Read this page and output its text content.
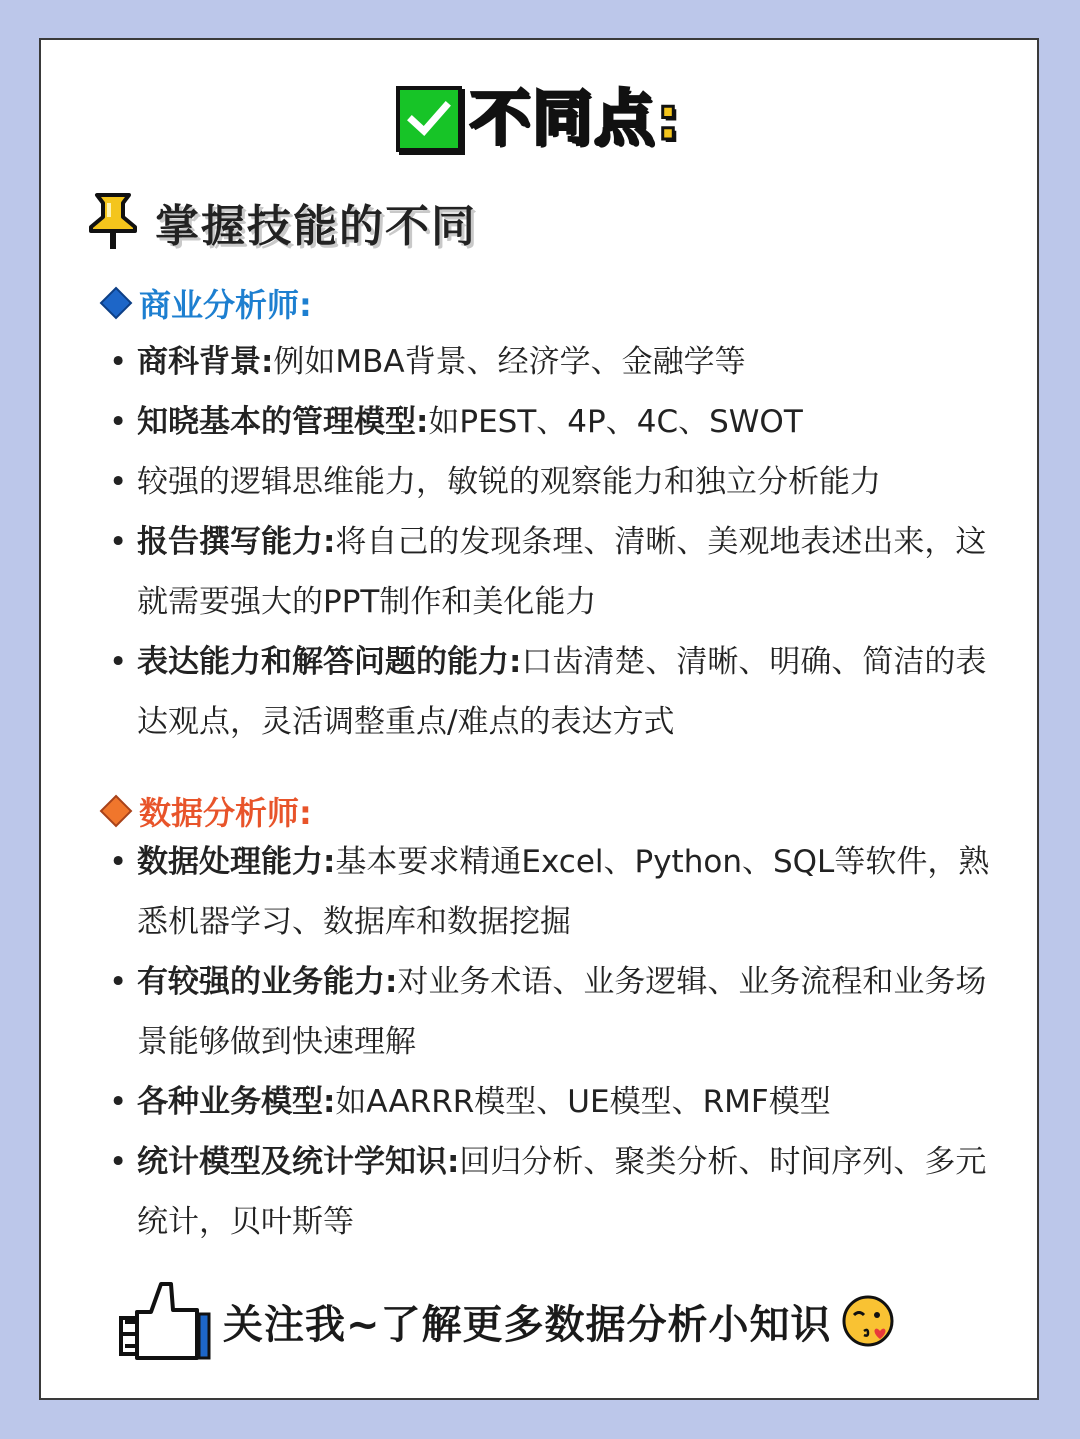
不同点:
掌握技能的不同
商业分析师:
• 商科背景:例如MBA背景、经济学、金融学等
• 知晓基本的管理模型:如PEST、4P、4C、SWOT
• 较强的逻辑思维能力，敏锐的观察能力和独立分析能力
• 报告撰写能力:将自己的发现条理、清晰、美观地表述出来，这就需要强大的PPT制作和美化能力
• 表达能力和解答问题的能力:口齿清楚、清晰、明确、简洁的表达观点，灵活调整重点/难点的表达方式
数据分析师:
• 数据处理能力:基本要求精通Excel、Python、SQL等软件，熟悉机器学习、数据库和数据挖掘
• 有较强的业务能力:对业务术语、业务逻辑、业务流程和业务场景能够做到快速理解
• 各种业务模型:如AARRR模型、UE模型、RMF模型
• 统计模型及统计学知识:回归分析、聚类分析、时间序列、多元统计，贝叶斯等
关注我~了解更多数据分析小知识
